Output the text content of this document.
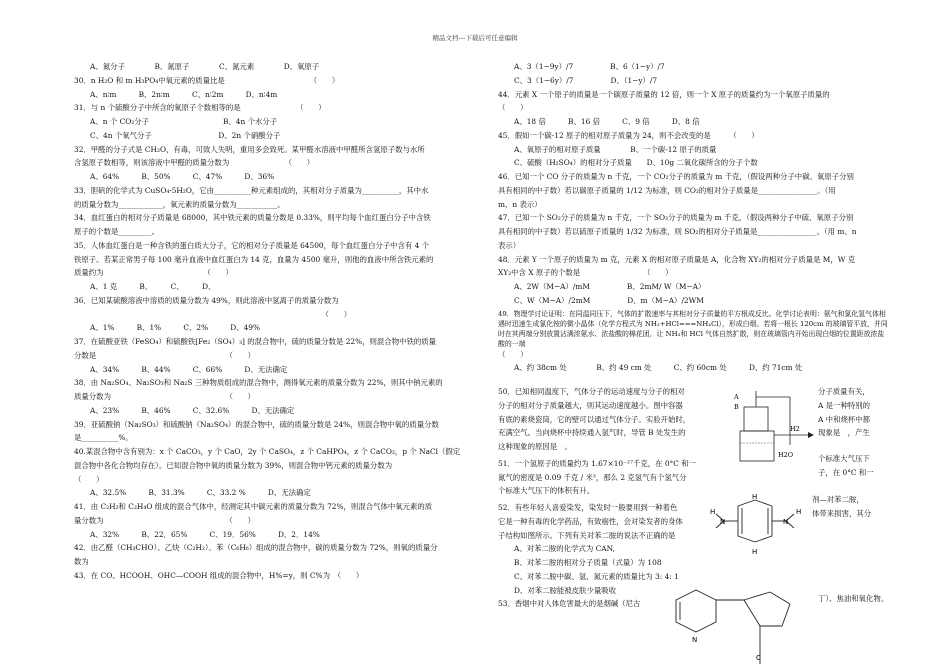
精品文档---下载后可任意编辑
A、氮分子　　　　B、氮原子　　　　C、氮元素　　　　D、氧原子
30．n H₂O 和 m H₃PO₄中氧元素的质量比是　　　　　　　　　　　　（　　）
A、n∶m　　　B、2n∶m　　　C、n∶2m　　　D、n∶4m
31．与 n 个硫酸分子中所含的氧原子个数相等的是　　　　　　　　（　　）
A、n 个 CO₂分子　　　　　　　　　　B、4n 个水分子
C、4n 个氧气分子　　　　　　　　　D、2n 个硝酸分子
32．甲醛的分子式是 CH₂O，有毒，可致人失明，重用多会致死。某甲醛水溶液中甲醛所含氢原子数与水所
含氢原子数相等，则该溶液中甲醛的质量分数为　　　　　　　　（　　）
A、64%　　　B、50%　　　C、47%　　　D、36%
33．胆矾的化学式为 CuSO₄·5H₂O，它由__________种元素组成的，其相对分子质量为__________，其中水
的质量分数为____________，氧元素的质量分数为___________。
34．血红蛋白的相对分子质量是 68000，其中铁元素的质量分数是 0.33%，则平均每个血红蛋白分子中含铁
原子的个数是_________。
35．人体血红蛋白是一种含铁的蛋白质大分子，它的相对分子质量是 64500，每个血红蛋白分子中含有 4 个
铁原子。若某正常男子每 100 毫升血液中血红蛋白为 14 克，血量为 4500 毫升，则他的血液中所含铁元素的
质量约为　　　　　　　　　　　　　　（　　）
A、1 克　　　B、　　　C、　　　D、
36．已知某硫酸溶液中溶质的质量分数为 49%，则此溶液中氢离子的质量分数为
　　　　　　　　　　　　　　　　　　　　　　　　　　　　　　　　　　（　　）
A、1%　　　B、1%　　　C、2%　　　D、49%
37．在硫酸亚铁（FeSO₄）和硫酸铁[Fe₂（SO₄）₃] 的混合物中，硫的质量分数是 22%，则混合物中铁的质量
分数是　　　　　　　　　　　　　　　　　　（　　）
A、34%　　　B、44%　　　C、66%　　　D、无法确定
38．由 Na₂SO₄、Na₂SO₃和 Na₂S 三种物质组成的混合物中，测得氧元素的质量分数为 22%，则其中钠元素的
质量分数为　　　　　　　　　　　　　　　　（　　）
A、23%　　　B、46%　　　C、32.6%　　　D、无法确定
39．亚硫酸钠（Na₂SO₃）和硫酸钠（Na₂SO₄）的混合物中，硫的质量分数是 24%，则混合物中氧的质量分数
是__________%。
40.某混合物中含有别为：x 个 CaCO₃，y 个 CaO，2y 个 CaSO₄，z 个 CaHPO₄，z 个 CaCO₂，p 个 NaCl（假定
混合物中各化合物均存在）。已知混合物中氧的质量分数为 39%，则混合物中钙元素的质量分数为
（　　）
A、32.5%　　　B、31.3%　　　C、33.2 %　　　D、无法确定
41．由 C₂H₂和 C₂H₄O 组成的混合气体中，经测定其中碳元素的质量分数为 72%，则混合气体中氧元素的质
量分数为　　　　　　　　　　　　　　　　　（　　）
A、32%　　　B、22．65%　　　C、19．56%　　　D、2．14%
42．由乙醛（CH₃CHO）、乙炔（C₂H₂）、苯（C₆H₆）组成的混合物中，碳的质量分数为 72%，则氧的质量分
数为
43．在 CO、HCOOH、OHC—COOH 组成的混合物中，H%=y，则 C%为　（　　）
A、3（1−9y）/7　　　　　B、6（1−y）/7
C、3（1−6y）/7　　　　　D、（1−y）/7
44．元素 X 一个原子的质量是一个碳原子质量的 12 倍，则一个 X 原子的质量约为一个氧原子质量的
（　　）
A、18 倍　　　B、16 倍　　　C、9 倍　　　D、8 倍
45．假如一个碳-12 原子的相对原子质量为 24，则不会改变的是　　　（　　）
A、氧原子的相对原子质量　　　　B、一个碳-12 原子的质量
C、硫酸（H₂SO₄）的相对分子质量　　D、10g 二氧化碳所含的分子个数
46．已知一个 CO 分子的质量为 n 千克，一个 CO₂分子的质量为 m 千克，（假设两种分子中碳、氧原子分别
具有相同的中子数）若以碳原子质量的 1/12 为标准，则 CO₂的相对分子质量是________________。（用
m、n 表示）
47．已知一个 SO₂分子的质量为 n 千克，一个 SO₃分子的质量为 m 千克，（假设两种分子中硫、氧原子分别
具有相同的中子数）若以硫原子质量的 1/32 为标准，则 SO₂的相对分子质量是________________。（用 m、n
表示）
48．元素 Y 一个原子的质量为 m 克，元素 X 的相对原子质量是 A，化合物 XY₂的相对分子质量是 M，W 克
XY₂中含 X 原子的个数是　　　　　　　　　（　　）
A、2W（M−A）/mM　　　　　B、2mM/ W（M−A）
C、W（M−A）/2mM　　　　　D、m（M−A）/2WM
49．物理学讨论证明：在同温同压下，气体的扩散速率与其相对分子质量的平方根成反比。化学讨论表明：氨气和氯化氢气体相遇时迅速生成氯化铵的微小晶体（化学方程式为 NH₃+HCl===NH₄Cl），形成白烟。若将一根长 120cm 的玻璃管平放，并同时在其两端分别放置沾满浓氨水、浓盐酸的棉花团，让 NH₃和 HCl 气体自然扩散，则在玻璃管内开始出现白烟的位置距放浓盐酸的一端
（　　）
A、约 38cm 处　　　　B、约 49 cm 处　　　C、约 60cm 处　　　D、约 71cm 处
50．已知相同温度下，气体分子的运动速度与分子的相对
分子的相对分子质量越大，则其运动速度越小。图中容器
有底的素烧瓷筒，它的壁可以通过气体分子。实验开始时，
充满空气。当向烧杯中持续通入氢气时，导管 B 处发生的
这种现象的原因是　。
51．一个氢原子的质量约为 1.67×10⁻²⁷千克，在 0°C 和一
氮气的密度是 0.09 千克 / 米³，那么 2 克氢气有个氢气分
个标准大气压下的体积有升。
52．有些年轻人喜爱染发，染发时一般要用到一种着色
它是一种有毒的化学药品，有致癌性，会对染发者的身体
子结构如图所示。下列有关对苯二胺的说法不正确的是
A、对苯二胺的化学式为 CAN,
B、对苯二胺的相对分子质量（式量）为 108
C、对苯二胺中碳、氢、氮元素的质量比为 3: 4: 1
D、对苯二胺能被皮肤少量吸收
53．香烟中对人体危害最大的是烟碱（尼古
分子质量有关，
A 是一种特别的
A 中和烧杯中都
现象是　，产生
个标准大气压下
子，在 0°C 和一
剂—对苯二胺，
体带来损害，其分
丁）、焦油和氧化物。
A
B
H2
H2O
N	N
H	H
H
H
C
N
